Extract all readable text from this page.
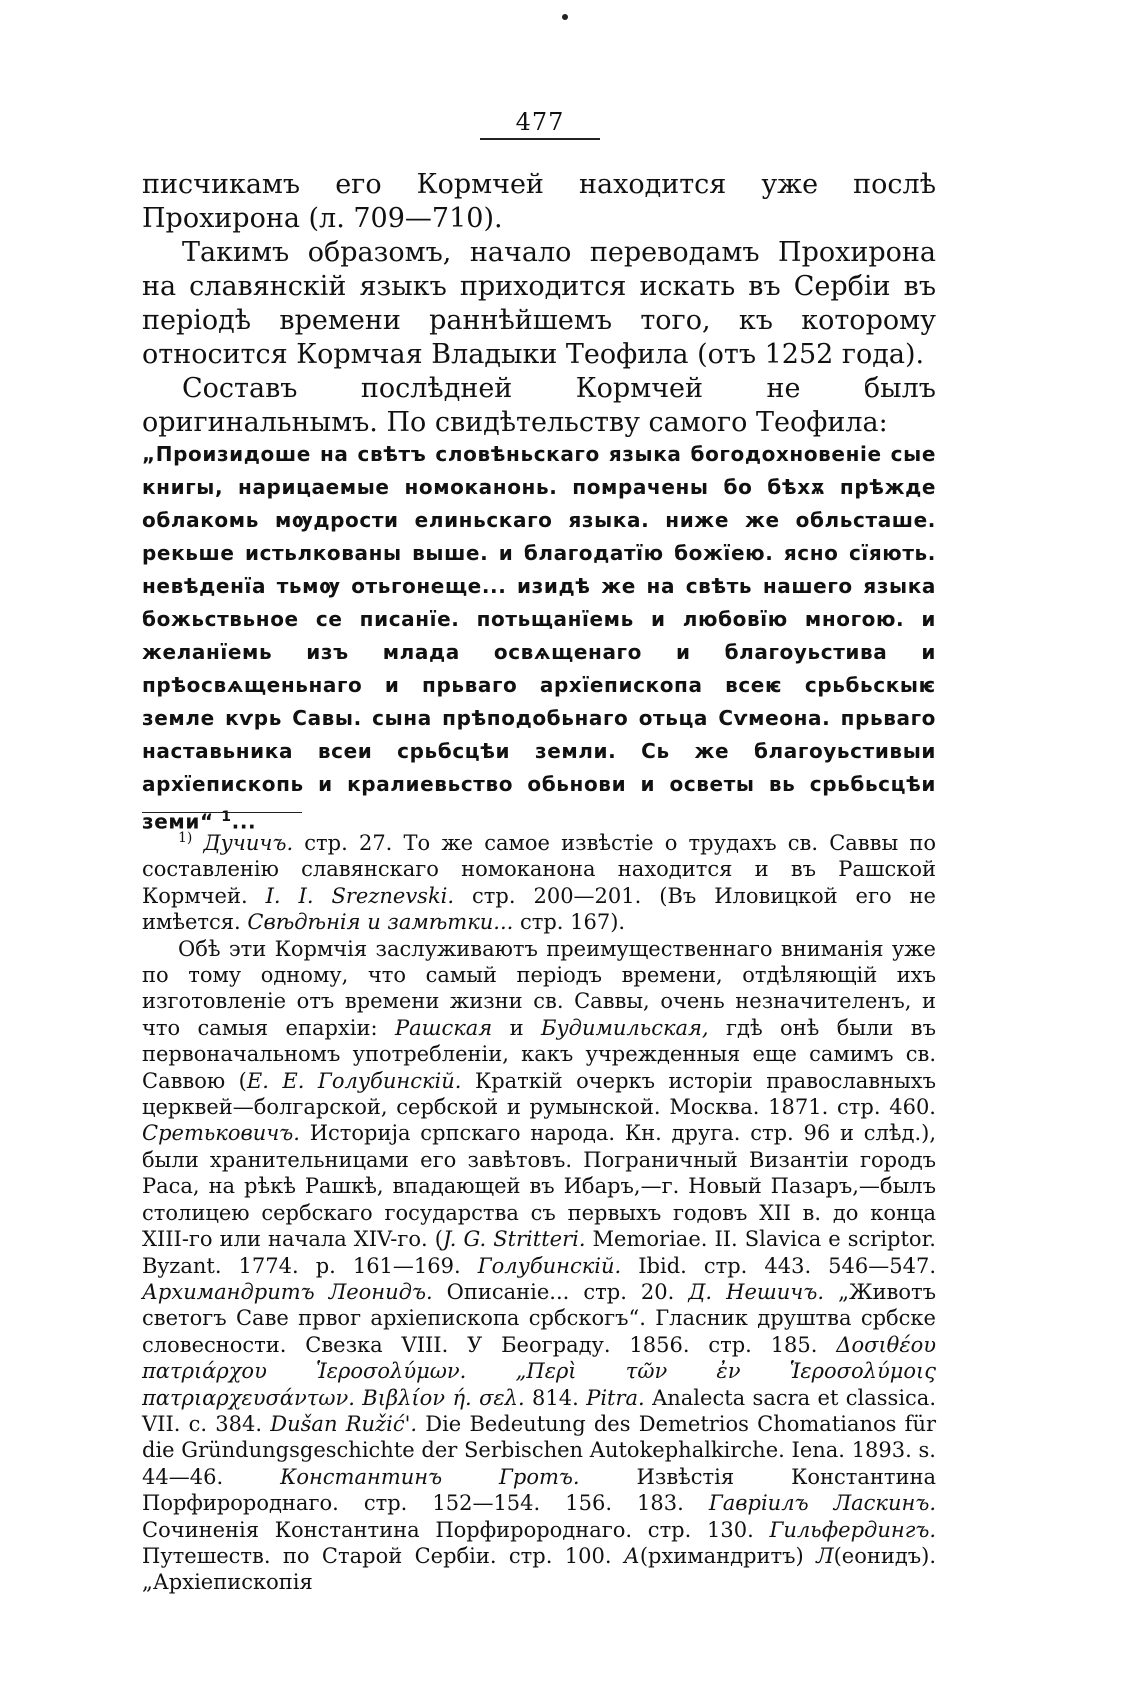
477

писчикамъ его Кормчей находится уже послѣ Прохирона (л. 709—710).

Такимъ образомъ, начало переводамъ Прохирона на славянскій языкъ приходится искать въ Сербіи въ періодѣ времени раннѣйшемъ того, къ которому относится Кормчая Владыки Теофила (отъ 1252 года).

Составъ послѣдней Кормчей не былъ оригинальнымъ. По свидѣтельству самого Теофила:

„Произидоше на свѣтъ словѣньскаго языка богодохновеніе сые книгы, нарицаемые номоканонь. помрачены бо бѣхѫ прѣжде облакомь мѹдрости елиньскаго языка. ниже же обльсташе. рекьше истьлкованы выше. и благодатїю божїею. ясно сїяють. невѣденїа тьмѹ отьгонеще... изидѣ же на свѣть нашего языка божьствьное се писанїе. потьщанїемь и любовїю многою. и желанїемь изъ млада освѧщенаго и благоуьстива и прѣосвѧщеньнаго и прьваго архїепископа всеѥ срьбьскыѥ земле кѵрь Савы. сына прѣподобьнаго отьца Сѵмеона. прьваго наставьника всеи срьбсцѣи земли. Сь же благоуьстивыи архїепископь и кралиевьство обьнови и осветы вь срьбьсцѣи земи“ $^1$...

$^{1)}$ Дучичъ. стр. 27. То же самое извѣстіе о трудахъ св. Саввы по составленію славянскаго номоканона находится и въ Рашской Кормчей. I. I. Sreznevski. стр. 200—201. (Въ Иловицкой его не имѣется. Свѣдѣнія и замѣтки... стр. 167).

Обѣ эти Кормчія заслуживаютъ преимущественнаго вниманія уже по тому одному, что самый періодъ времени, отдѣляющій ихъ изготовленіе отъ времени жизни св. Саввы, очень незначителенъ, и что самыя епархіи: Рашская и Будимильская, гдѣ онѣ были въ первоначальномъ употребленіи, какъ учрежденныя еще самимъ св. Саввою (Е. Е. Голубинскій. Краткій очеркъ исторіи православныхъ церквей—болгарской, сербской и румынской. Москва. 1871. стр. 460. Сретьковичъ. Историjа српскаго народа. Кн. друга. стр. 96 и слѣд.), были хранительницами его завѣтовъ. Пограничный Византіи городъ Раса, на рѣкѣ Рашкѣ, впадающей въ Ибаръ,—г. Новый Пазаръ,—былъ столицею сербскаго государства съ первыхъ годовъ XII в. до конца XIII-го или начала XIV-го. (J. G. Stritteri. Memoriae. II. Slavica e scriptor. Byzant. 1774. p. 161—169. Голубинскій. Ibid. стр. 443. 546—547. Архимандритъ Леонидъ. Описаніе... стр. 20. Д. Нешичъ. „Животъ светогъ Саве првог архіепископа србскогъ“. Гласник друштва србске словесности. Свезка VIII. У Београду. 1856. стр. 185. Δοσιθέου πατριάρχου Ἱεροσολύμων. „Περὶ τῶν ἐν Ἱεροσολύμοις πατριαρχευσάντων. Βιβλίον ή. σελ. 814. Pitra. Analecta sacra et classica. VII. c. 384. Dušan Ružić'. Die Bedeutung des Demetrios Chomatianos für die Gründungsgeschichte der Serbischen Autokephalkirche. Iena. 1893. s. 44—46. Константинъ Гротъ. Извѣстія Константина Порфиророднаго. стр. 152—154. 156. 183. Гавріилъ Ласкинъ. Сочиненія Константина Порфиророднаго. стр. 130. Гильфердингъ. Путешеств. по Старой Сербіи. стр. 100. А(рхимандритъ) Л(еонидъ). „Архіепископія
